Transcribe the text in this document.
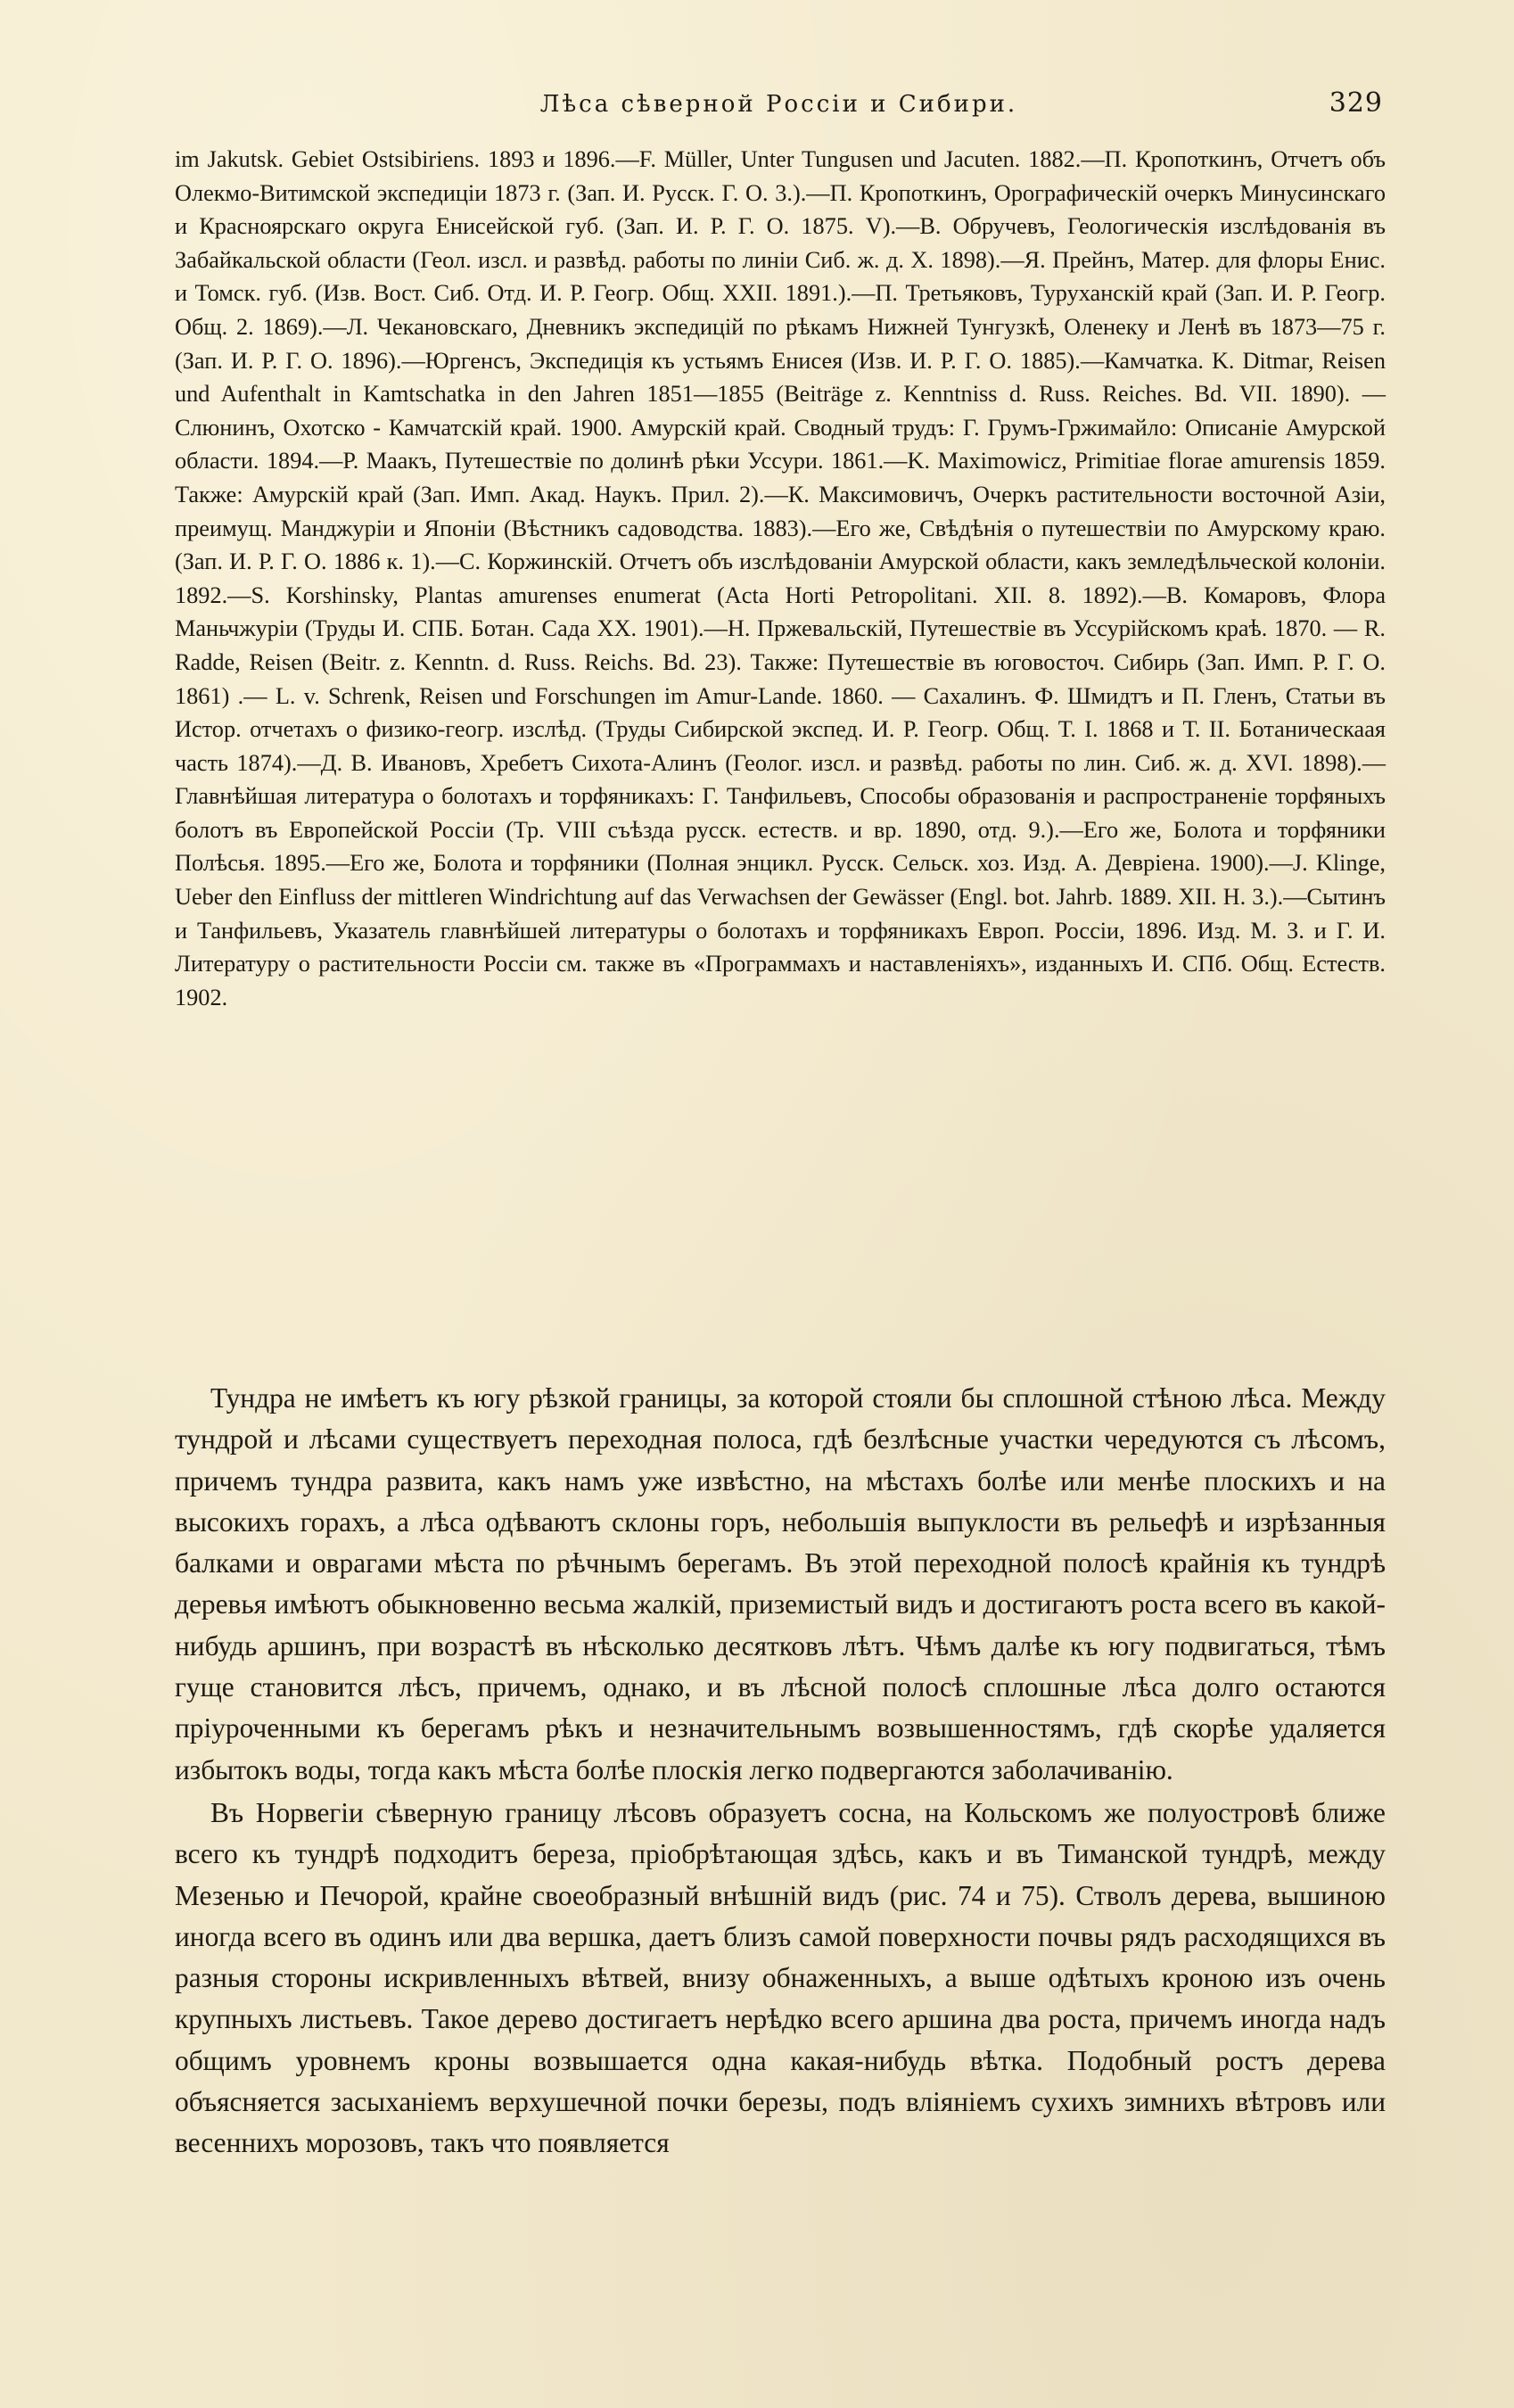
Лѣса сѣверной Россіи и Сибири.	329

im Jakutsk. Gebiet Ostsibiriens. 1893 и 1896.—F. Müller, Unter Tungusen und Jacuten. 1882.—П. Кропоткинъ, Отчетъ объ Олекмо-Витимской экспедиціи 1873 г. (Зап. И. Русск. Г. О. 3.).—П. Кропоткинъ, Орографическій очеркъ Минусинскаго и Красноярскаго округа Енисейской губ. (Зап. И. Р. Г. О. 1875. V).—В. Обручевъ, Геологическія изслѣдованія въ Забайкальской области (Геол. изсл. и развѣд. работы по линіи Сиб. ж. д. X. 1898).—Я. Прейнъ, Матер. для флоры Енис. и Томск. губ. (Изв. Вост. Сиб. Отд. И. Р. Геогр. Общ. XXII. 1891.).—П. Третьяковъ, Туруханскій край (Зап. И. Р. Геогр. Общ. 2. 1869).—Л. Чекановскаго, Дневникъ экспедицій по рѣкамъ Нижней Тунгузкѣ, Оленеку и Ленѣ въ 1873—75 г. (Зап. И. Р. Г. О. 1896).—Юргенсъ, Экспедиція къ устьямъ Енисея (Изв. И. Р. Г. О. 1885).—Камчатка. K. Ditmar, Reisen und Aufenthalt in Kamtschatka in den Jahren 1851—1855 (Beiträge z. Kenntniss d. Russ. Reiches. Bd. VII. 1890). — Слюнинъ, Охотско - Камчатскій край. 1900. Амурскій край. Сводный трудъ: Г. Грумъ-Гржимайло: Описаніе Амурской области. 1894.—Р. Маакъ, Путешествіе по долинѣ рѣки Уссури. 1861.—K. Maximowicz, Primitiae florae amurensis 1859. Также: Амурскій край (Зап. Имп. Акад. Наукъ. Прил. 2).—К. Максимовичъ, Очеркъ растительности восточной Азіи, преимущ. Манджуріи и Японіи (Вѣстникъ садоводства. 1883).—Его же, Свѣдѣнія о путешествіи по Амурскому краю. (Зап. И. Р. Г. О. 1886 к. 1).—С. Коржинскій. Отчетъ объ изслѣдованіи Амурской области, какъ земледѣльческой колоніи. 1892.—S. Korshinsky, Plantas amurenses enumerat (Acta Horti Petropolitani. XII. 8. 1892).—В. Комаровъ, Флора Маньчжуріи (Труды И. СПБ. Ботан. Сада XX. 1901).—Н. Пржевальскій, Путешествіе въ Уссурійскомъ краѣ. 1870. — R. Radde, Reisen (Beitr. z. Kenntn. d. Russ. Reichs. Bd. 23). Также: Путешествіе въ юговосточ. Сибирь (Зап. Имп. Р. Г. О. 1861) .— L. v. Schrenk, Reisen und Forschungen im Amur-Lande. 1860. — Сахалинъ. Ф. Шмидтъ и П. Гленъ, Статьи въ Истор. отчетахъ о физико-геогр. изслѣд. (Труды Сибирской экспед. И. Р. Геогр. Общ. Т. I. 1868 и Т. II. Ботаническаая часть 1874).—Д. В. Ивановъ, Хребетъ Сихота-Алинъ (Геолог. изсл. и развѣд. работы по лин. Сиб. ж. д. XVI. 1898).—Главнѣйшая литература о болотахъ и торфяникахъ: Г. Танфильевъ, Способы образованія и распространеніе торфяныхъ болотъ въ Европейской Россіи (Тр. VIII съѣзда русск. естеств. и вр. 1890, отд. 9.).—Его же, Болота и торфяники Полѣсья. 1895.—Его же, Болота и торфяники (Полная энцикл. Русск. Сельск. хоз. Изд. А. Девріена. 1900).—J. Klinge, Ueber den Einfluss der mittleren Windrichtung auf das Verwachsen der Gewässer (Engl. bot. Jahrb. 1889. XII. H. 3.).—Сытинъ и Танфильевъ, Указатель главнѣйшей литературы о болотахъ и торфяникахъ Европ. Россіи, 1896. Изд. М. З. и Г. И. Литературу о растительности Россіи см. также въ «Программахъ и наставленіяхъ», изданныхъ И. СПб. Общ. Естеств. 1902.

Тундра не имѣетъ къ югу рѣзкой границы, за которой стояли бы сплошной стѣною лѣса. Между тундрой и лѣсами существуетъ переходная полоса, гдѣ безлѣсные участки чередуются съ лѣсомъ, причемъ тундра развита, какъ намъ уже извѣстно, на мѣстахъ болѣе или менѣе плоскихъ и на высокихъ горахъ, а лѣса одѣваютъ склоны горъ, небольшія выпуклости въ рельефѣ и изрѣзанныя балками и оврагами мѣста по рѣчнымъ берегамъ. Въ этой переходной полосѣ крайнія къ тундрѣ деревья имѣютъ обыкновенно весьма жалкій, приземистый видъ и достигаютъ роста всего въ какой-нибудь аршинъ, при возрастѣ въ нѣсколько десятковъ лѣтъ. Чѣмъ далѣе къ югу подвигаться, тѣмъ гуще становится лѣсъ, причемъ, однако, и въ лѣсной полосѣ сплошные лѣса долго остаются пріуроченными къ берегамъ рѣкъ и незначительнымъ возвышенностямъ, гдѣ скорѣе удаляется избытокъ воды, тогда какъ мѣста болѣе плоскія легко подвергаются заболачиванію.

Въ Норвегіи сѣверную границу лѣсовъ образуетъ сосна, на Кольскомъ же полуостровѣ ближе всего къ тундрѣ подходитъ береза, пріобрѣтающая здѣсь, какъ и въ Тиманской тундрѣ, между Мезенью и Печорой, крайне своеобразный внѣшній видъ (рис. 74 и 75). Стволъ дерева, вышиною иногда всего въ одинъ или два вершка, даетъ близъ самой поверхности почвы рядъ расходящихся въ разныя стороны искривленныхъ вѣтвей, внизу обнаженныхъ, а выше одѣтыхъ кроною изъ очень крупныхъ листьевъ. Такое дерево достигаетъ нерѣдко всего аршина два роста, причемъ иногда надъ общимъ уровнемъ кроны возвышается одна какая-нибудь вѣтка. Подобный ростъ дерева объясняется засыханіемъ верхушечной почки березы, подъ вліяніемъ сухихъ зимнихъ вѣтровъ или весеннихъ морозовъ, такъ что появляется
